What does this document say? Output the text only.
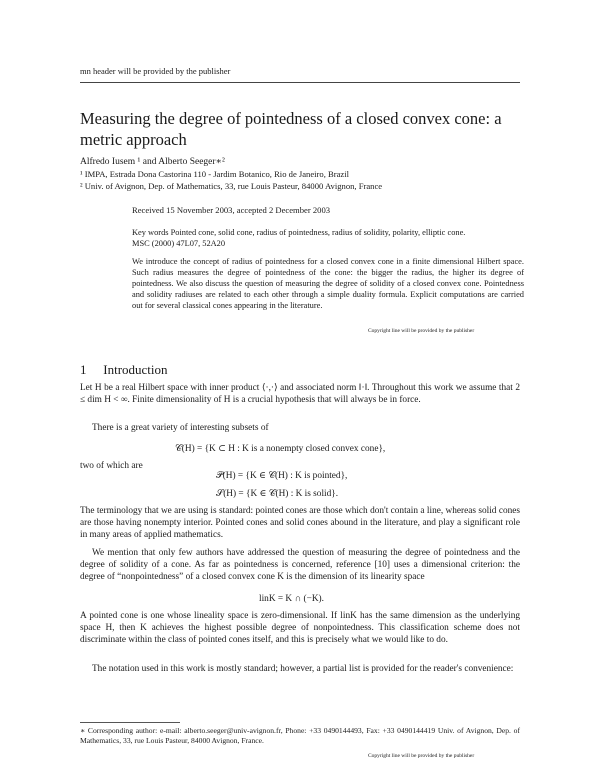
mn header will be provided by the publisher
Measuring the degree of pointedness of a closed convex cone: a metric approach
Alfredo Iusem ¹ and Alberto Seeger∗²
¹ IMPA, Estrada Dona Castorina 110 - Jardim Botanico, Rio de Janeiro, Brazil
² Univ. of Avignon, Dep. of Mathematics, 33, rue Louis Pasteur, 84000 Avignon, France
Received 15 November 2003, accepted 2 December 2003
Key words Pointed cone, solid cone, radius of pointedness, radius of solidity, polarity, elliptic cone.
MSC (2000) 47L07, 52A20
We introduce the concept of radius of pointedness for a closed convex cone in a finite dimensional Hilbert space. Such radius measures the degree of pointedness of the cone: the bigger the radius, the higher its degree of pointedness. We also discuss the question of measuring the degree of solidity of a closed convex cone. Pointedness and solidity radiuses are related to each other through a simple duality formula. Explicit computations are carried out for several classical cones appearing in the literature.
Copyright line will be provided by the publisher
1 Introduction
Let H be a real Hilbert space with inner product ⟨·,·⟩ and associated norm ‖·‖. Throughout this work we assume that 2 ≤ dim H < ∞. Finite dimensionality of H is a crucial hypothesis that will always be in force.
There is a great variety of interesting subsets of
𝒞(H) = {K ⊂ H : K is a nonempty closed convex cone},
two of which are
𝒫(H) = {K ∈ 𝒞(H) : K is pointed},
𝒮(H) = {K ∈ 𝒞(H) : K is solid}.
The terminology that we are using is standard: pointed cones are those which don't contain a line, whereas solid cones are those having nonempty interior. Pointed cones and solid cones abound in the literature, and play a significant role in many areas of applied mathematics.
We mention that only few authors have addressed the question of measuring the degree of pointedness and the degree of solidity of a cone. As far as pointedness is concerned, reference [10] uses a dimensional criterion: the degree of “nonpointedness” of a closed convex cone K is the dimension of its linearity space
linK = K ∩ (−K).
A pointed cone is one whose lineality space is zero-dimensional. If linK has the same dimension as the underlying space H, then K achieves the highest possible degree of nonpointedness. This classification scheme does not discriminate within the class of pointed cones itself, and this is precisely what we would like to do.
The notation used in this work is mostly standard; however, a partial list is provided for the reader's convenience:
∗ Corresponding author: e-mail: alberto.seeger@univ-avignon.fr, Phone: +33 0490144493, Fax: +33 0490144419 Univ. of Avignon, Dep. of Mathematics, 33, rue Louis Pasteur, 84000 Avignon, France.
Copyright line will be provided by the publisher
